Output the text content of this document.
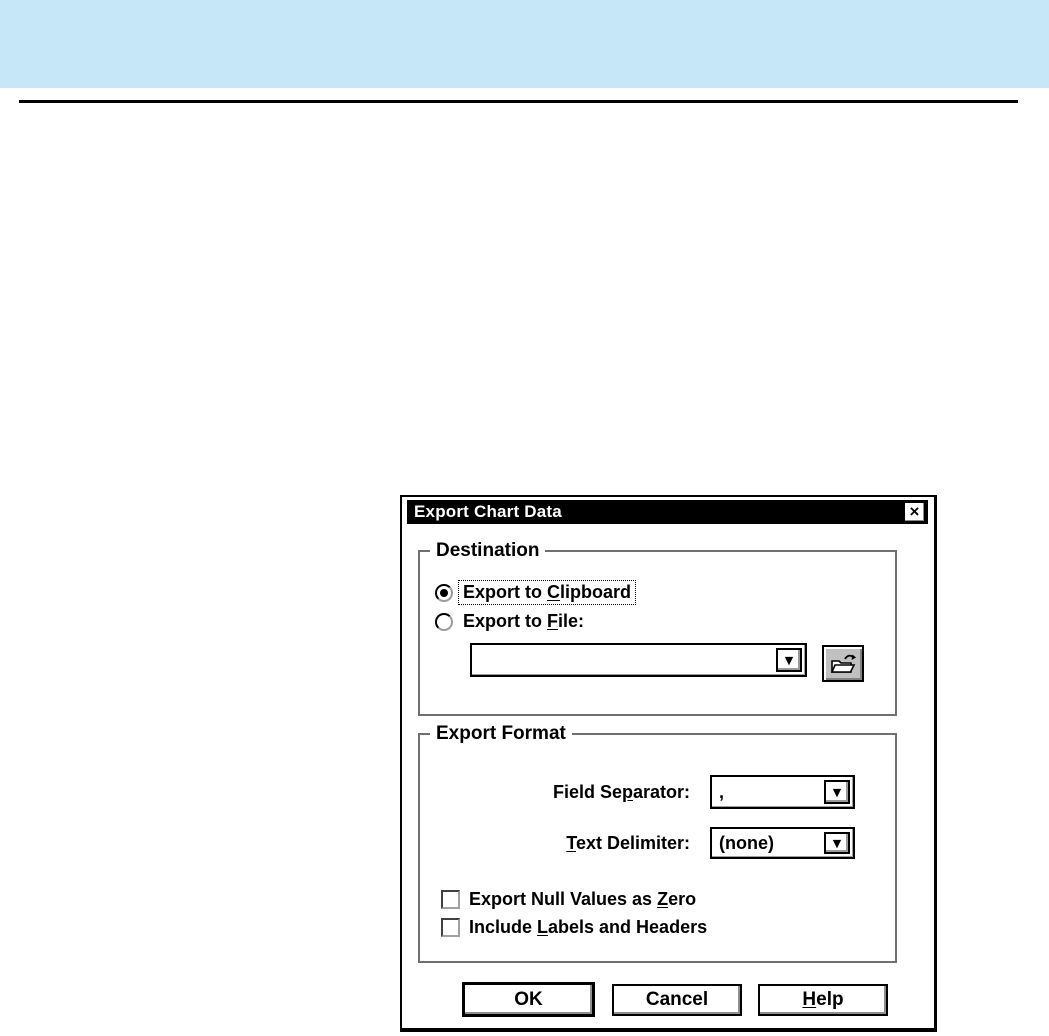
Export Chart Data	×
Destination
Export to Clipboard
Export to File:
▼
Export Format
Field Separator: ,	▼
Text Delimiter: (none)	▼
Export Null Values as Zero
Include Labels and Headers
OK	Cancel	Help
